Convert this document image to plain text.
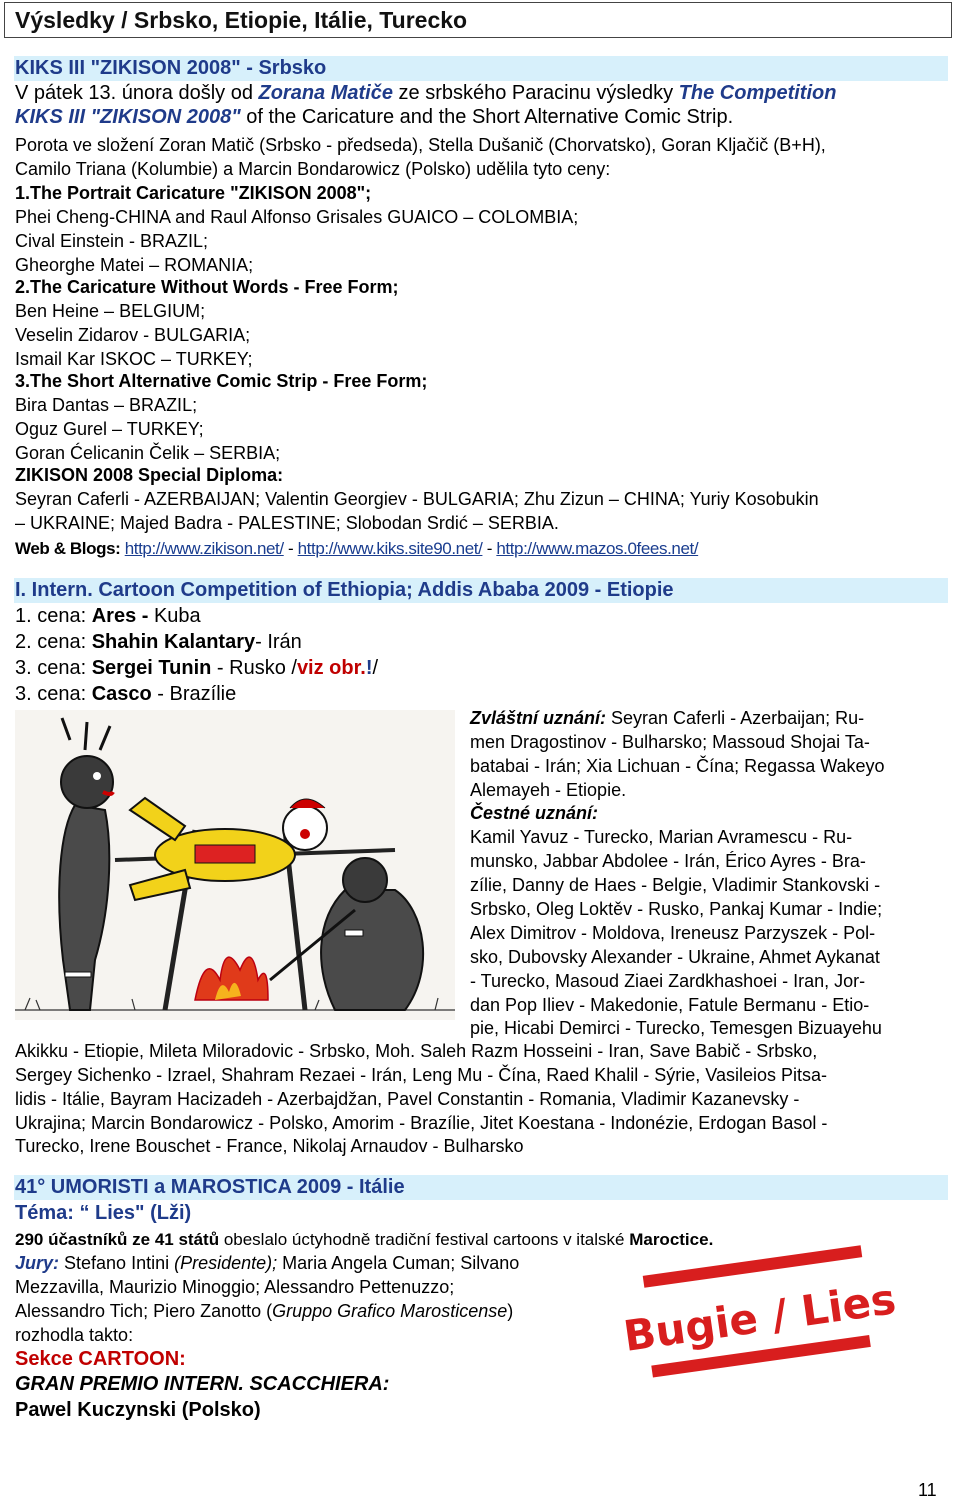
Výsledky / Srbsko, Etiopie, Itálie, Turecko
KIKS III "ZIKISON 2008" - Srbsko
V pátek 13. února došly od Zorana Matiče ze srbského Paracinu výsledky The Competition
KIKS III "ZIKISON 2008" of the Caricature and the Short Alternative Comic Strip.
Porota ve složení Zoran Matič (Srbsko - předseda), Stella Dušanič (Chorvatsko), Goran Kljačič (B+H),
Camilo Triana (Kolumbie) a Marcin Bondarowicz (Polsko) udělila tyto ceny:
1.The Portrait Caricature "ZIKISON 2008";
Phei Cheng-CHINA and Raul Alfonso Grisales GUAICO – COLOMBIA;
Cival Einstein - BRAZIL;
Gheorghe Matei – ROMANIA;
2.The Caricature Without Words - Free Form;
Ben Heine – BELGIUM;
Veselin Zidarov - BULGARIA;
Ismail Kar ISKOC – TURKEY;
3.The Short Alternative Comic Strip - Free Form;
Bira Dantas – BRAZIL;
Oguz Gurel – TURKEY;
Goran Ćelicanin Čelik – SERBIA;
ZIKISON 2008 Special Diploma:
Seyran Caferli - AZERBAIJAN; Valentin Georgiev - BULGARIA; Zhu Zizun – CHINA; Yuriy Kosobukin
– UKRAINE; Majed Badra - PALESTINE; Slobodan Srdić – SERBIA.
Web & Blogs: http://www.zikison.net/ - http://www.kiks.site90.net/ - http://www.mazos.0fees.net/
I. Intern. Cartoon Competition of Ethiopia; Addis Ababa 2009 - Etiopie
1. cena: Ares - Kuba
2. cena: Shahin Kalantary- Irán
3. cena: Sergei Tunin - Rusko /viz obr.!/
3. cena: Casco - Brazílie
Zvláštní uznání: Seyran Caferli - Azerbaijan; Ru-
men Dragostinov - Bulharsko; Massoud Shojai Ta-
batabai - Irán; Xia Lichuan - Čína; Regassa Wakeyo
Alemayeh - Etiopie.
Čestné uznání:
Kamil Yavuz - Turecko, Marian Avramescu - Ru-
munsko, Jabbar Abdolee - Irán, Érico Ayres - Bra-
zílie, Danny de Haes - Belgie, Vladimir Stankovski -
Srbsko, Oleg Loktěv - Rusko, Pankaj Kumar - Indie;
Alex Dimitrov - Moldova, Ireneusz Parzyszek - Pol-
sko, Dubovsky Alexander - Ukraine, Ahmet Aykanat
- Turecko, Masoud Ziaei Zardkhashoei - Iran, Jor-
dan Pop Iliev - Makedonie, Fatule Bermanu - Etio-
pie, Hicabi Demirci - Turecko, Temesgen Bizuayehu
Akikku - Etiopie, Mileta Miloradovic - Srbsko, Moh. Saleh Razm Hosseini - Iran, Save Babič - Srbsko,
Sergey Sichenko - Izrael, Shahram Rezaei - Irán, Leng Mu - Čína, Raed Khalil - Sýrie, Vasileios Pitsa-
lidis - Itálie, Bayram Hacizadeh - Azerbajdžan, Pavel Constantin - Romania, Vladimir Kazanevsky -
Ukrajina; Marcin Bondarowicz - Polsko, Amorim - Brazílie, Jitet Koestana - Indonézie, Erdogan Basol -
Turecko, Irene Bouschet - France, Nikolaj Arnaudov - Bulharsko
41° UMORISTI a MAROSTICA 2009 - Itálie
Téma: “ Lies" (Lži)
290 účastníků ze 41 států obeslalo úctyhodně tradiční festival cartoons v italské Maroctice.
Jury: Stefano Intini (Presidente); Maria Angela Cuman; Silvano
Mezzavilla, Maurizio Minoggio; Alessandro Pettenuzzo;
Alessandro Tich; Piero Zanotto (Gruppo Grafico Marosticense)
rozhodla takto:
Sekce CARTOON:
GRAN PREMIO INTERN. SCACCHIERA:
Pawel Kuczynski (Polsko)
Bugie / Lies
11
